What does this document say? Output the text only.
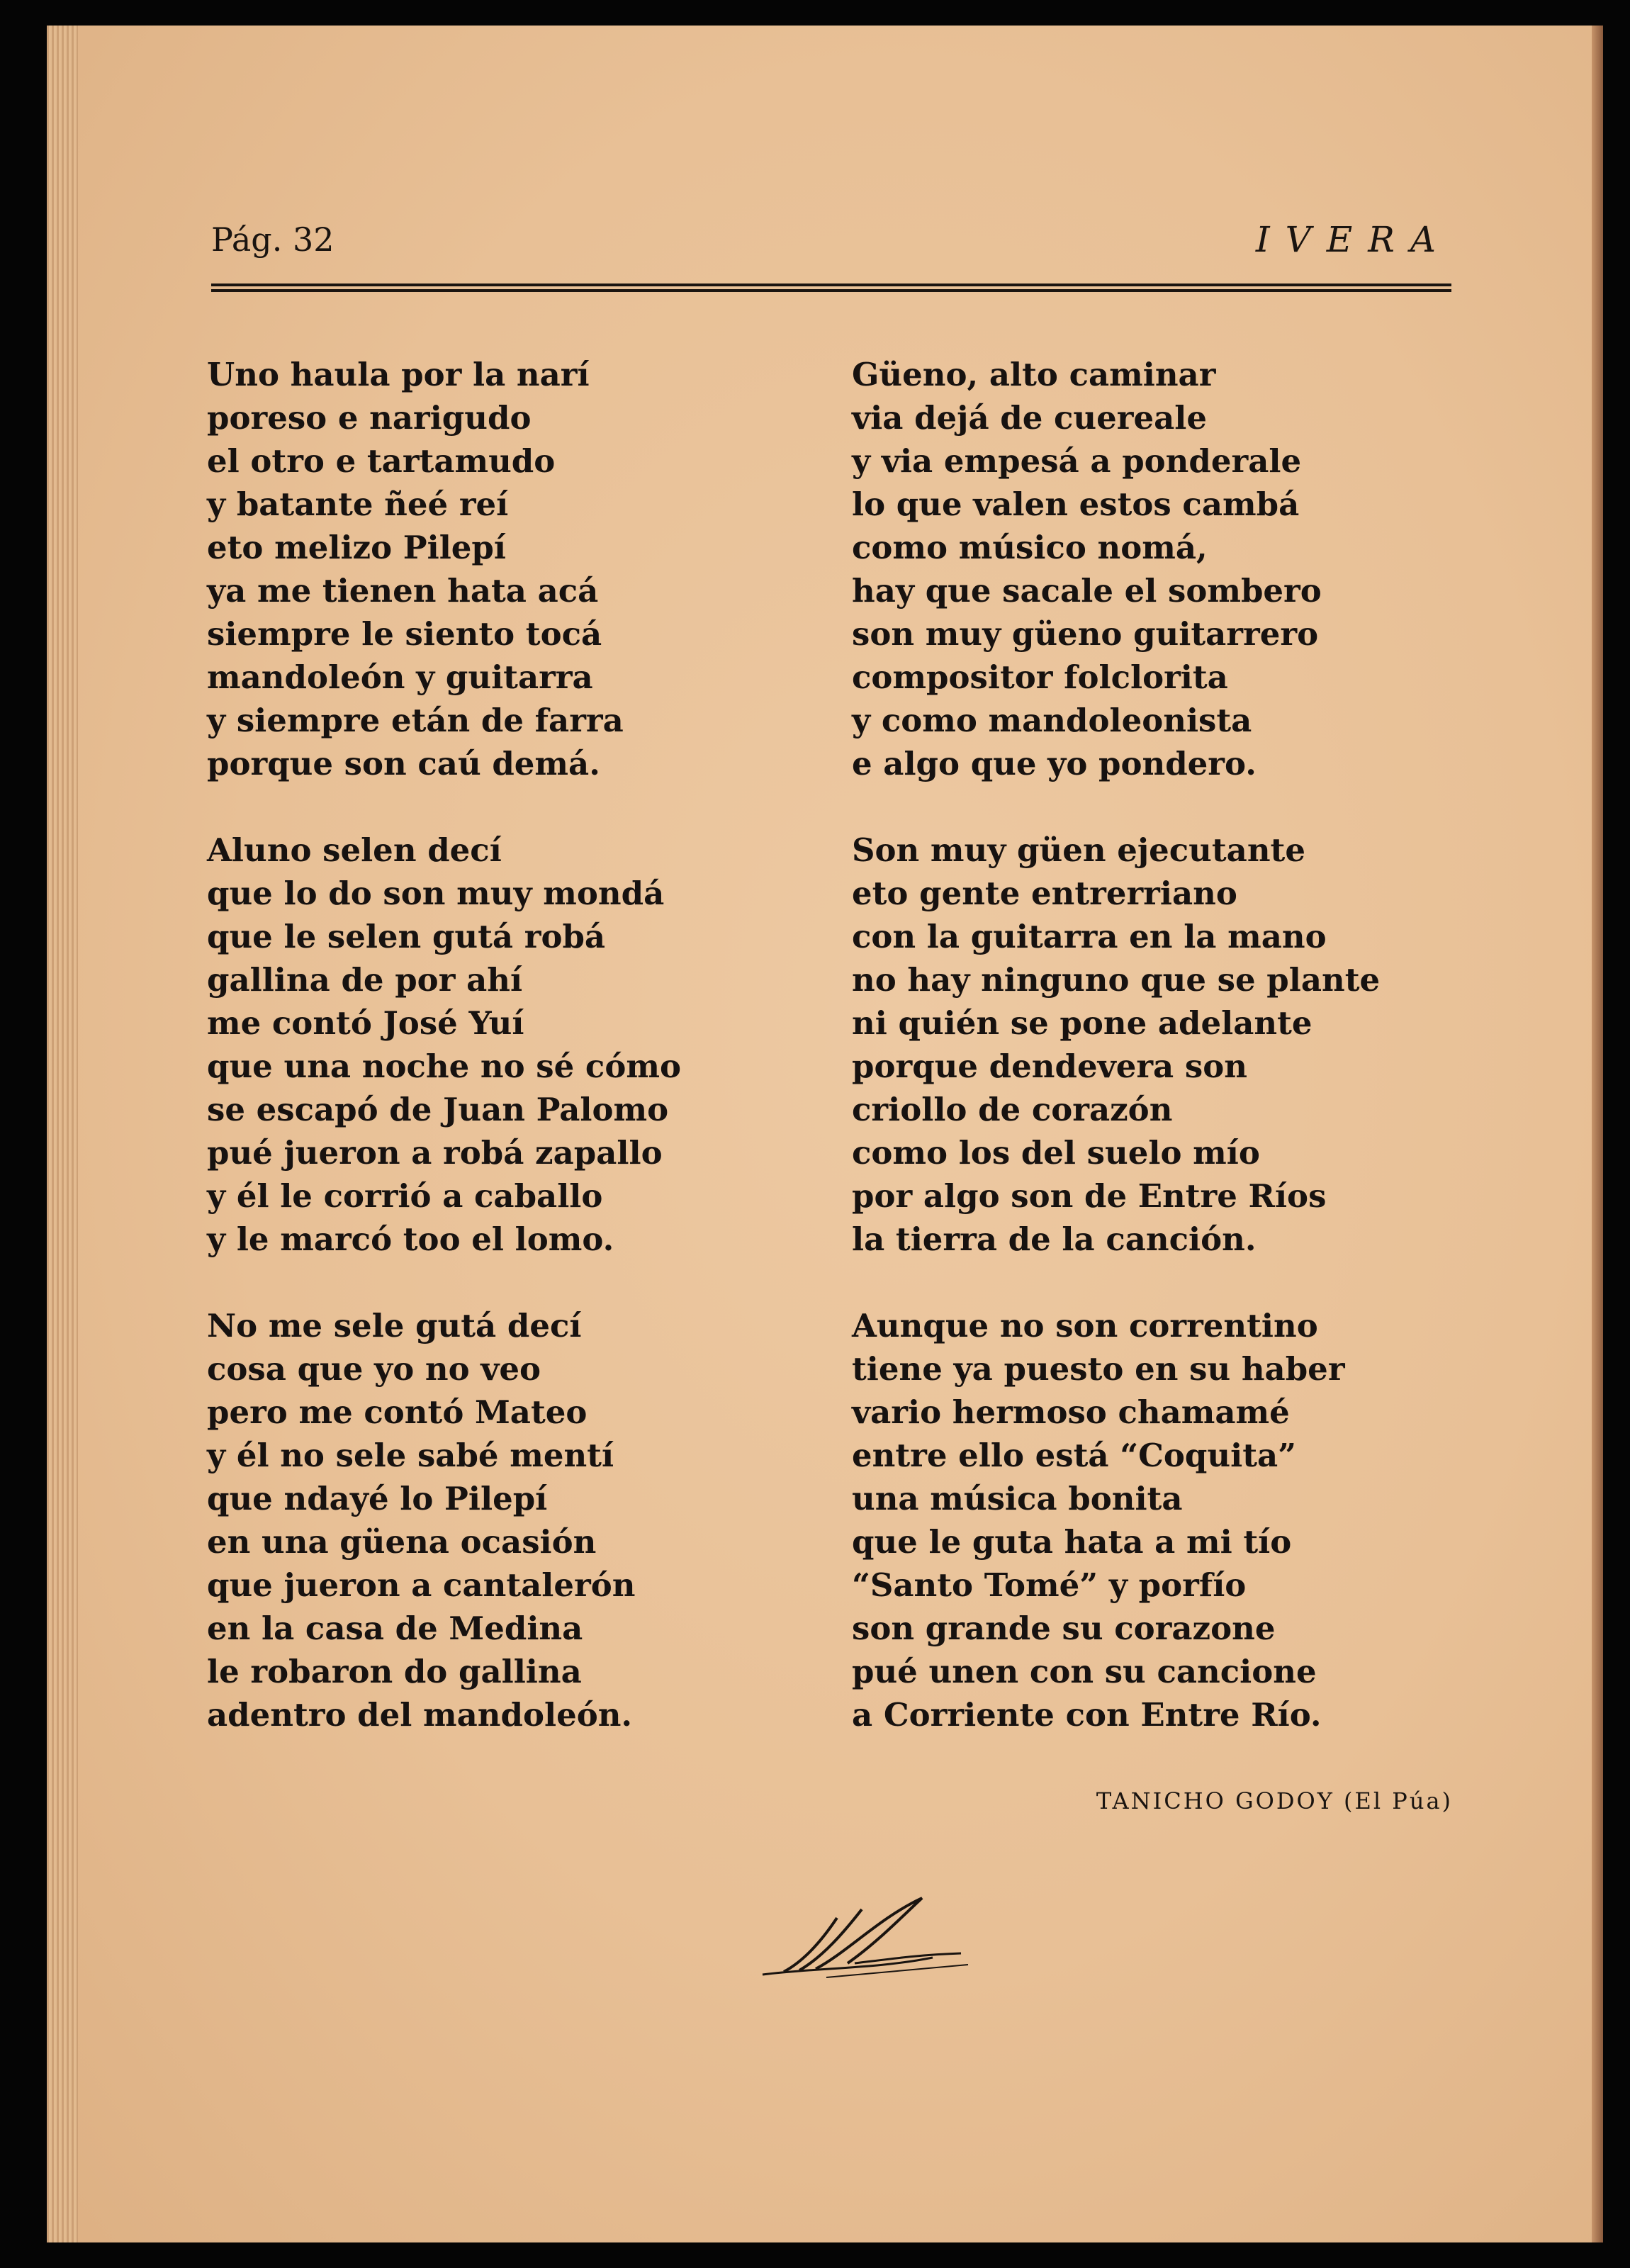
Pág. 32	IVERA
Uno haula por la narí
poreso e narigudo
el otro e tartamudo
y batante ñeé reí
eto melizo Pilepí
ya me tienen hata acá
siempre le siento tocá
mandoleón y guitarra
y siempre etán de farra
porque son caú demá.
Aluno selen decí
que lo do son muy mondá
que le selen gutá robá
gallina de por ahí
me contó José Yuí
que una noche no sé cómo
se escapó de Juan Palomo
pué jueron a robá zapallo
y él le corrió a caballo
y le marcó too el lomo.
No me sele gutá decí
cosa que yo no veo
pero me contó Mateo
y él no sele sabé mentí
que ndayé lo Pilepí
en una güena ocasión
que jueron a cantalerón
en la casa de Medina
le robaron do gallina
adentro del mandoleón.
Güeno, alto caminar
via dejá de cuereale
y via empesá a ponderale
lo que valen estos cambá
como músico nomá,
hay que sacale el sombero
son muy güeno guitarrero
compositor folclorita
y como mandoleonista
e algo que yo pondero.
Son muy güen ejecutante
eto gente entrerriano
con la guitarra en la mano
no hay ninguno que se plante
ni quién se pone adelante
porque dendevera son
criollo de corazón
como los del suelo mío
por algo son de Entre Ríos
la tierra de la canción.
Aunque no son correntino
tiene ya puesto en su haber
vario hermoso chamamé
entre ello está “Coquita”
una música bonita
que le guta hata a mi tío
“Santo Tomé” y porfío
son grande su corazone
pué unen con su cancione
a Corriente con Entre Río.
TANICHO GODOY (El Púa)
